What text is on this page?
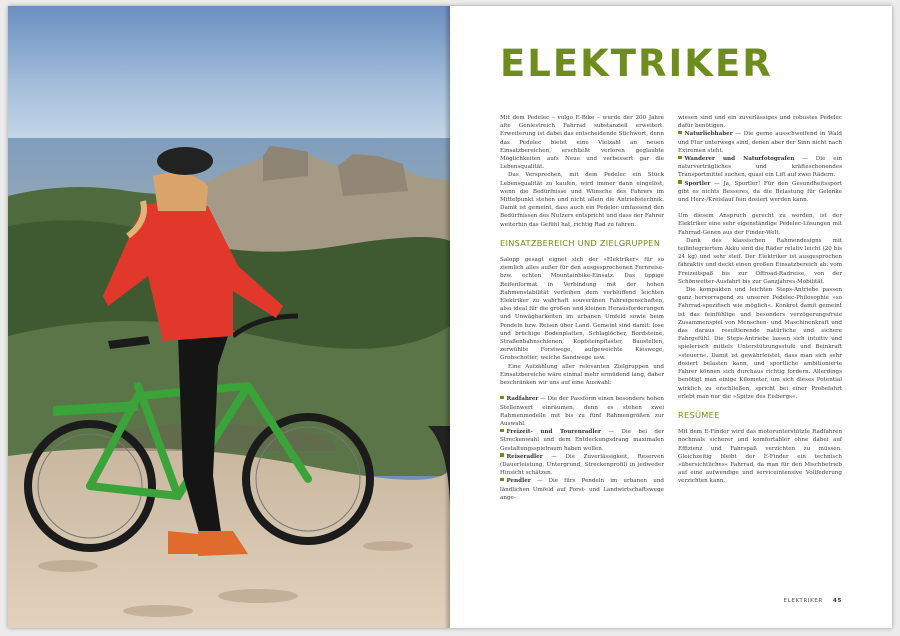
ELEKTRIKER

Mit dem Pedelec – vulgo E-Bike – wurde der 200 Jahre alte Geniestreich Fahrrad substanziell erweitert. Erweiterung ist dabei das entscheidende Stichwort, denn das Pedelec bietet eine Vielzahl an neuen Einsatzbereichen, erschließt verloren geglaubte Möglichkeiten aufs Neue und verbessert gar die Lebensqualität.

Das Versprechen, mit dem Pedelec ein Stück Lebensqualität zu kaufen, wird immer dann eingelöst, wenn die Bedürfnisse und Wünsche des Fahrers im Mittelpunkt stehen und nicht allein die Antriebstechnik. Damit ist gemeint, dass auch ein Pedelec umfassend den Bedürfnissen des Nutzers entspricht und dass der Fahrer weiterhin das Gefühl hat, richtig Rad zu fahren.

EINSATZBEREICH UND ZIELGRUPPEN

Salopp gesagt eignet sich der »Elektriker« für so ziemlich alles außer für den ausgesprochenen Fernreise- bzw. echten Mountainbike-Einsatz. Das üppige Reifenformat in Verbindung mit der hohen Rahmenstabilität verleihen dem verblüffend leichten Elektriker zu wahrhaft souveränen Fahreigenschaften, also ideal für die großen und kleinen Herausforderungen und Unwägbarkeiten im urbanen Umfeld sowie beim Pendeln bzw. Reisen über Land. Gemeint sind damit: lose und brüchige Bodenplatten, Schlaglöcher, Bordsteine, Straßenbahnschienen, Kopfsteinpflaster, Baustellen, zerwühlte Forstwege, aufgeweichte Kieswege, Grobschotter, weiche Sandwege usw.

Eine Aufzählung aller relevanten Zielgruppen und Einsatzbereiche wäre einmal mehr ermüdend lang, daher beschränken wir uns auf eine Auswahl:

Radfahrer — Die der Passform einen besonders hohen Stellenwert einräumen, denn es stehen zwei Rahmenmodelle mit bis zu fünf Rahmengrößen zur Auswahl.

Freizeit- und Tourenradler — Die bei der Streckenwahl und dem Entdeckungsdrang maximalen Gestaltungsspielraum haben wollen.

Reiseradler — Die Zuverlässigkeit, Reserven (Dauerleistung, Untergrund, Streckenprofil) in jedweder Hinsicht schätzen.

Pendler — Die fürs Pendeln im urbanen und ländlichen Umfeld auf Forst- und Landwirtschaftswege ange-

wiesen sind und ein zuverlässiges und robustes Pedelec dafür benötigen.

Naturliebhaber — Die gerne ausschweifend in Wald und Flur unterwegs sind, denen aber der Sinn nicht nach Extremen steht.

Wanderer und Naturfotografen — Die ein naturverträgliches und kräfteschonendes Transportmittel suchen, quasi ein Lift auf zwei Rädern.

Sportler — Ja, Sportler! Für den Gesundheitssport gibt es nichts Besseres, da die Belastung für Gelenke und Herz-/Kreislauf fein dosiert werden kann.

Um diesem Anspruch gerecht zu werden, ist der Elektriker eine sehr eigenständige Pedelec-Lösungen mit Fahrrad-Genen aus der Finder-Welt.

Dank des klassischen Rahmendesigns mit teilintegriertem Akku sind die Räder relativ leicht (20 bis 24 kg) und sehr steif. Der Elektriker ist ausgesprochen fahraktiv und deckt einen großen Einsatzbereich ab: vom Freizeitspaß bis zur Offroad-Radreise, von der Schönwetter-Ausfahrt bis zur Ganzjahres-Mobilität.

Die kompakten und leichten Steps-Antriebe passen ganz hervorragend zu unserer Pedelec-Philosophie »so Fahrrad-spezifisch wie möglich«. Konkret damit gemeint ist das feinfühlige und besonders verzögerungsfreie Zusammenspiel von Menschen- und Maschinenkraft und das daraus resultierende natürliche und sichere Fahrgefühl. Die Steps-Antriebe lassen sich intuitiv und spielerisch mittels Unterstützungsstufe und Beinkraft »steuern«. Damit ist gewährleistet, dass man sich sehr dosiert belasten kann, und sportliche ambitionierte Fahrer können sich durchaus richtig fordern. Allerdings benötigt man einige Kilometer, um sich dieses Potential wirklich zu erschließen, spricht bei einer Probefahrt erlebt man nur die »Spitze des Eisbergs«.

RESÜMEE

Mit dem E-Finder wird das motorunterstützte Radfahren nochmals sicherer und komfortabler ohne dabei auf Effizienz und Fahrspaß verzichten zu müssen. Gleichzeitig bleibt der E-Finder ein technisch »übersichtliches« Fahrrad, da man für den Mischbetrieb auf eine aufwendige und serviceintensive Vollfederung verzichten kann.

ELEKTRIKER 45
